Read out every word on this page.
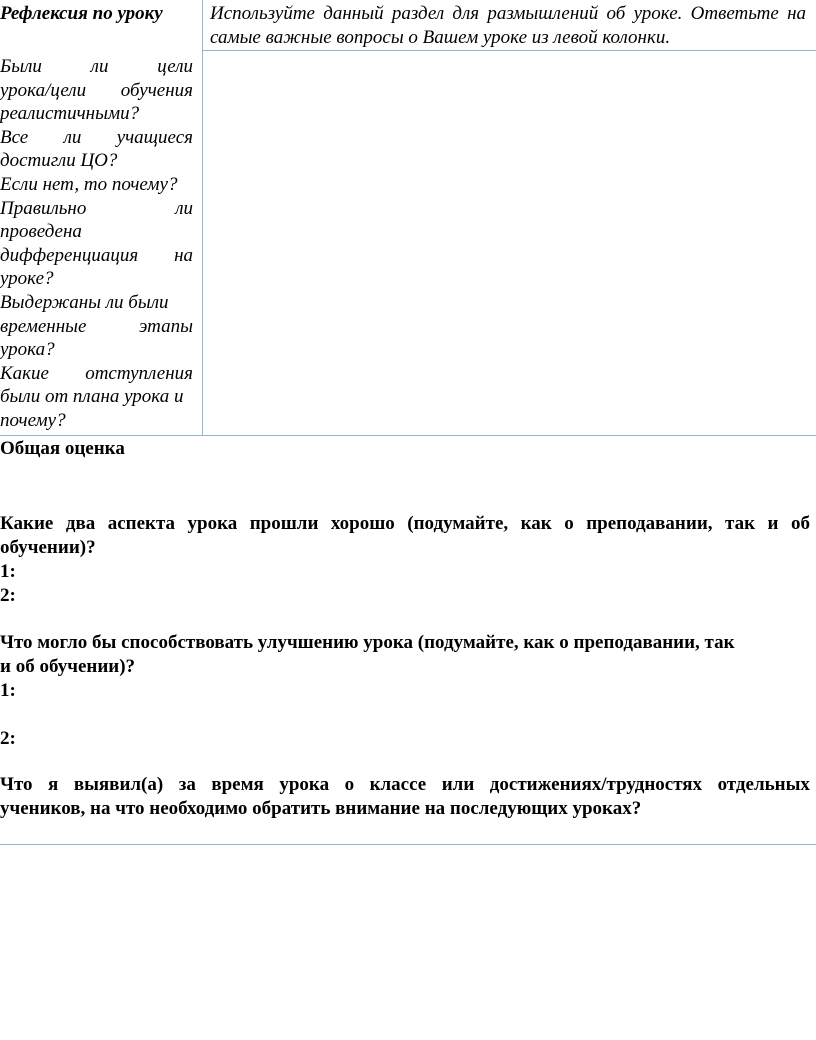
Рефлексия по уроку	Используйте данный раздел для размышлений об уроке. Ответьте на самые важные вопросы о Вашем уроке из левой колонки.
Были	ли	цели
урока/цели обучения
реалистичными?
Все ли учащиеся
достигли ЦО?
Если нет, то почему?
Правильно	ли
проведена
дифференциация на
уроке?
Выдержаны ли были
временные	этапы
урока?
Какие отступления
были от плана урока и
почему?
Общая оценка
Какие два аспекта урока прошли хорошо (подумайте, как о преподавании, так и об
обучении)?
1:
2:
Что могло бы способствовать улучшению урока (подумайте, как о преподавании, так
и об обучении)?
1:
2:
Что я выявил(а) за время урока о классе или достижениях/трудностях отдельных
учеников, на что необходимо обратить внимание на последующих уроках?
